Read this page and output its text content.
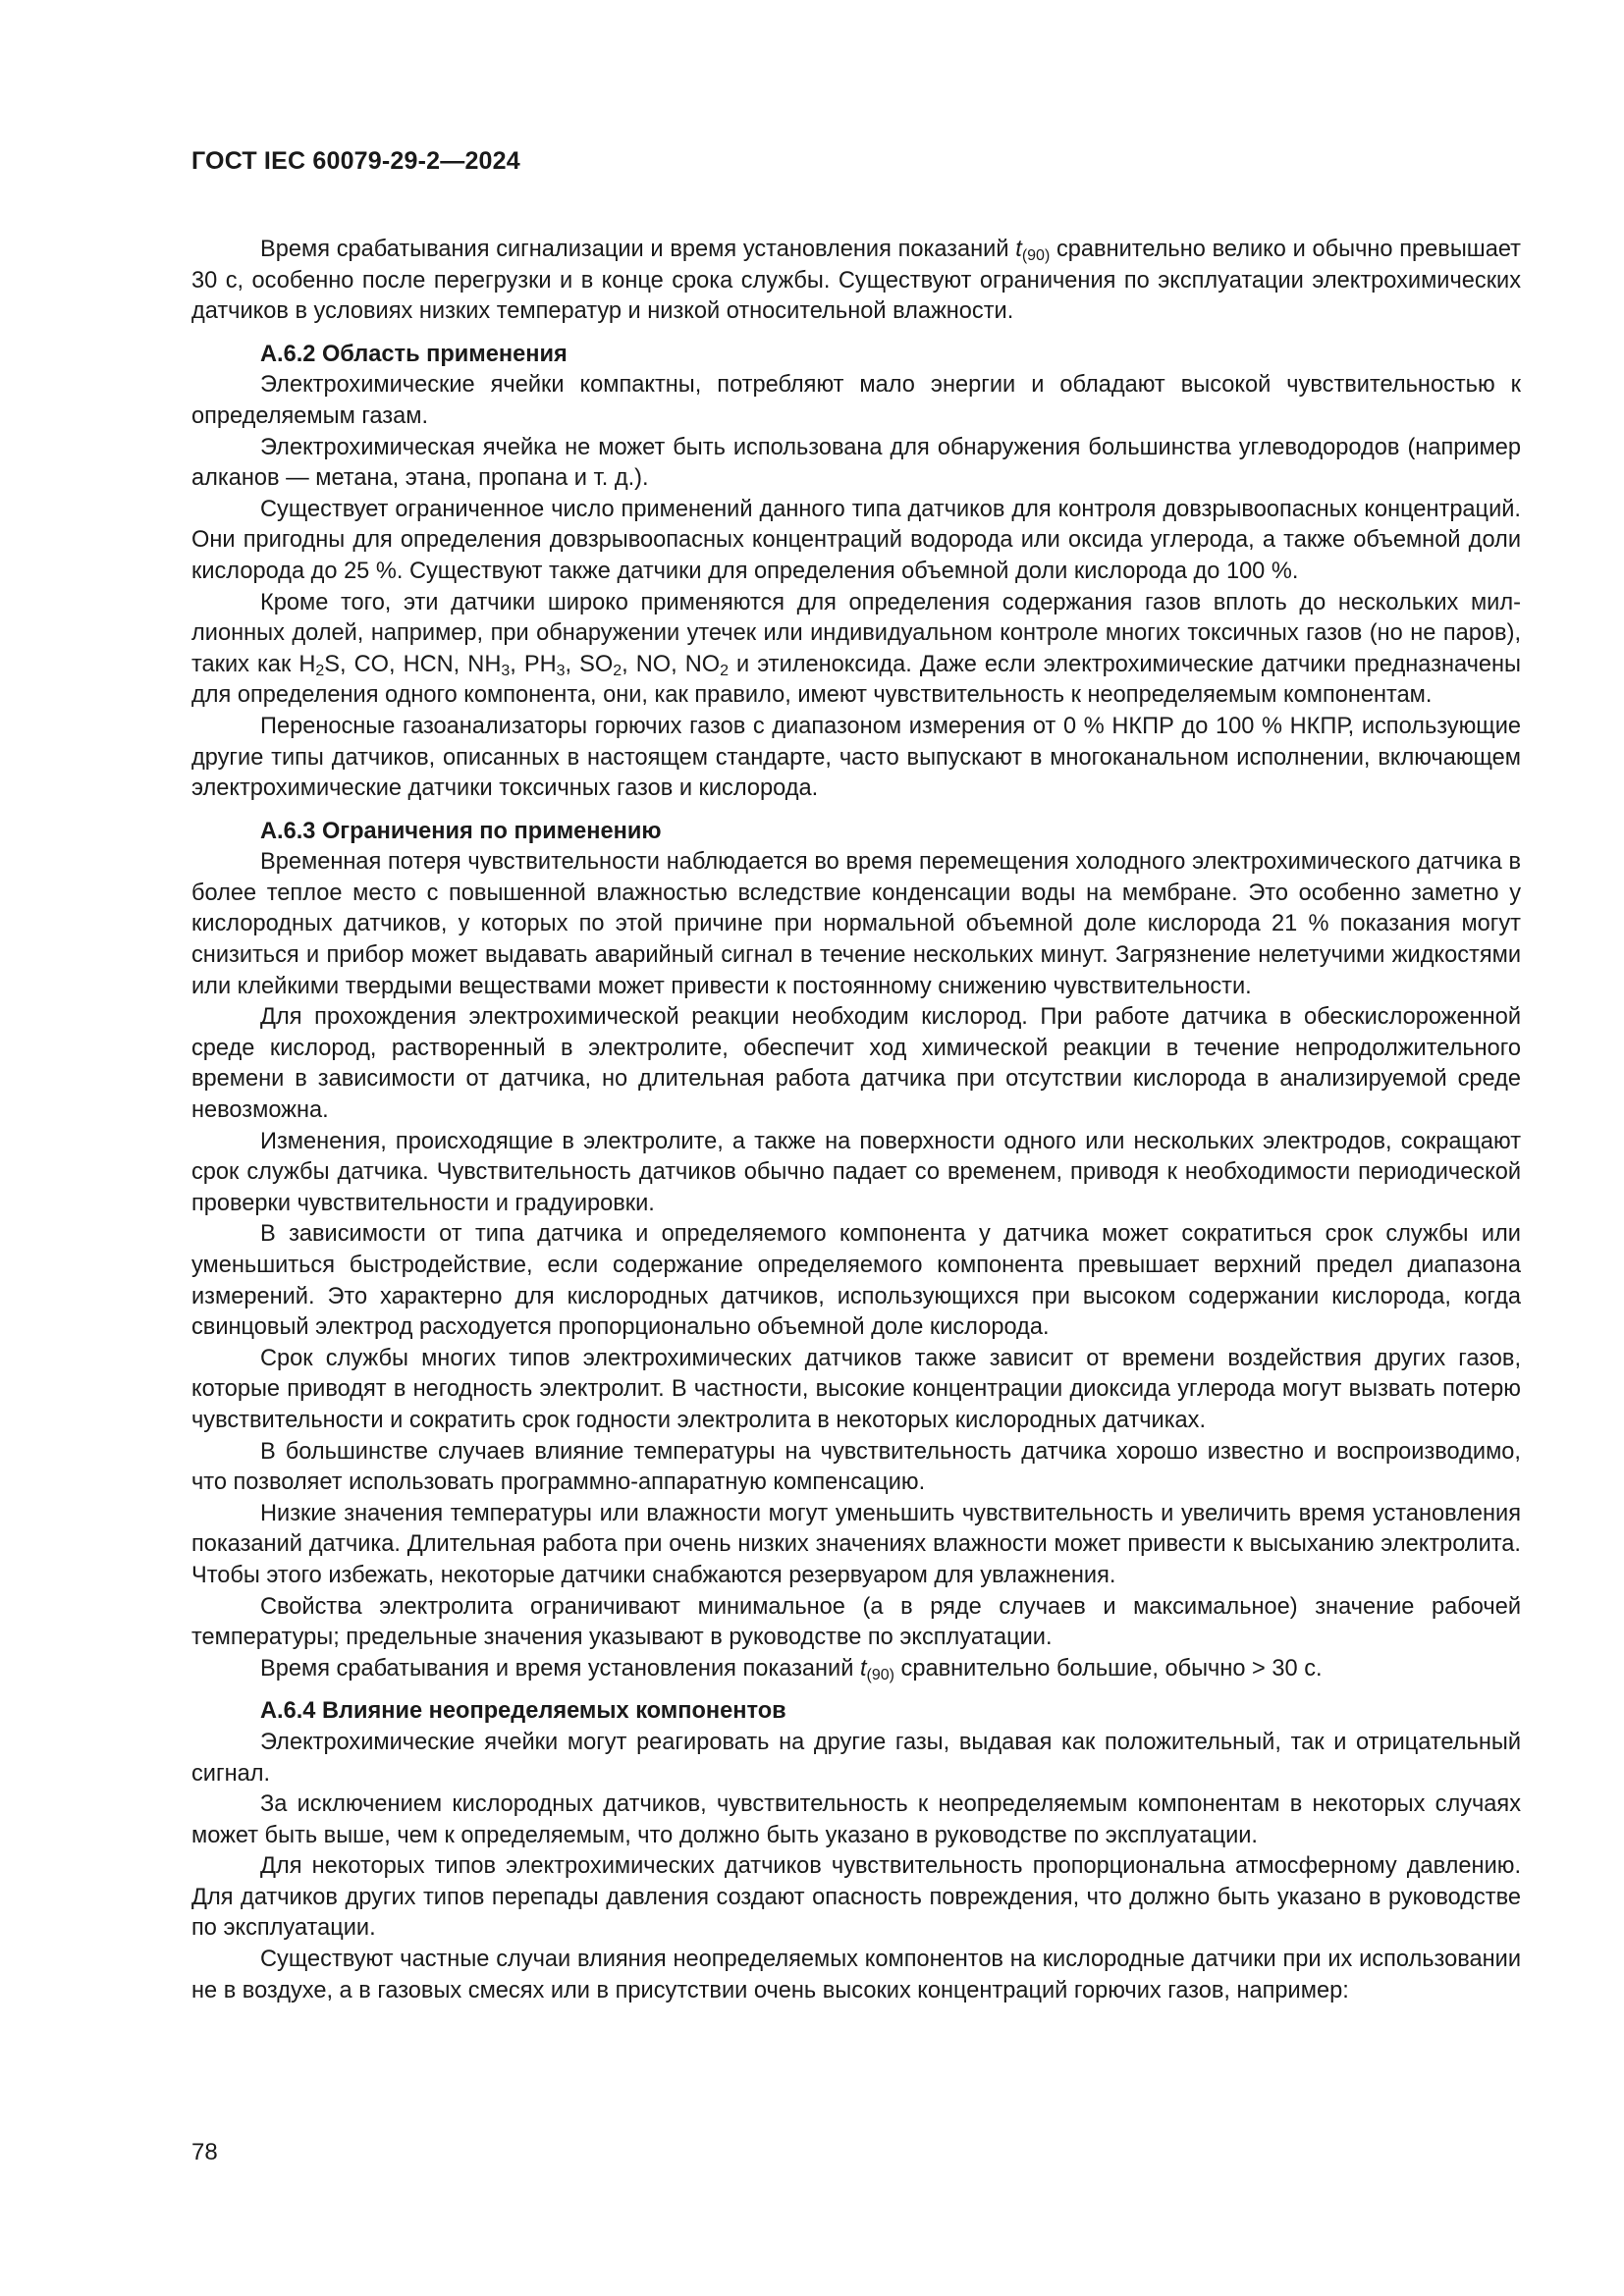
ГОСТ IEC 60079-29-2—2024

Время срабатывания сигнализации и время установления показаний $t_{(90)}$ сравнительно велико и обычно превышает 30 с, особенно после перегрузки и в конце срока службы. Существуют ограничения по эксплуатации электрохимических датчиков в условиях низких температур и низкой относительной влажности.

А.6.2 Область применения

Электрохимические ячейки компактны, потребляют мало энергии и обладают высокой чувствительностью к определяемым газам.

Электрохимическая ячейка не может быть использована для обнаружения большинства углеводородов (например алканов — метана, этана, пропана и т. д.).

Существует ограниченное число применений данного типа датчиков для контроля довзрывоопасных концентраций. Они пригодны для определения довзрывоопасных концентраций водорода или оксида углерода, а также объемной доли кислорода до 25 %. Существуют также датчики для определения объемной доли кислорода до 100 %.

Кроме того, эти датчики широко применяются для определения содержания газов вплоть до нескольких миллионных долей, например, при обнаружении утечек или индивидуальном контроле многих токсичных газов (но не паров), таких как $H_2S$, CO, HCN, $NH_3$, $PH_3$, $SO_2$, NO, $NO_2$ и этиленоксида. Даже если электрохимические датчики предназначены для определения одного компонента, они, как правило, имеют чувствительность к неопределяемым компонентам.

Переносные газоанализаторы горючих газов с диапазоном измерения от 0 % НКПР до 100 % НКПР, использующие другие типы датчиков, описанных в настоящем стандарте, часто выпускают в многоканальном исполнении, включающем электрохимические датчики токсичных газов и кислорода.

А.6.3 Ограничения по применению

Временная потеря чувствительности наблюдается во время перемещения холодного электрохимического датчика в более теплое место с повышенной влажностью вследствие конденсации воды на мембране. Это особенно заметно у кислородных датчиков, у которых по этой причине при нормальной объемной доле кислорода 21 % показания могут снизиться и прибор может выдавать аварийный сигнал в течение нескольких минут. Загрязнение нелетучими жидкостями или клейкими твердыми веществами может привести к постоянному снижению чувствительности.

Для прохождения электрохимической реакции необходим кислород. При работе датчика в обескислороженной среде кислород, растворенный в электролите, обеспечит ход химической реакции в течение непродолжительного времени в зависимости от датчика, но длительная работа датчика при отсутствии кислорода в анализируемой среде невозможна.

Изменения, происходящие в электролите, а также на поверхности одного или нескольких электродов, сокращают срок службы датчика. Чувствительность датчиков обычно падает со временем, приводя к необходимости периодической проверки чувствительности и градуировки.

В зависимости от типа датчика и определяемого компонента у датчика может сократиться срок службы или уменьшиться быстродействие, если содержание определяемого компонента превышает верхний предел диапазона измерений. Это характерно для кислородных датчиков, использующихся при высоком содержании кислорода, когда свинцовый электрод расходуется пропорционально объемной доле кислорода.

Срок службы многих типов электрохимических датчиков также зависит от времени воздействия других газов, которые приводят в негодность электролит. В частности, высокие концентрации диоксида углерода могут вызвать потерю чувствительности и сократить срок годности электролита в некоторых кислородных датчиках.

В большинстве случаев влияние температуры на чувствительность датчика хорошо известно и воспроизводимо, что позволяет использовать программно-аппаратную компенсацию.

Низкие значения температуры или влажности могут уменьшить чувствительность и увеличить время установления показаний датчика. Длительная работа при очень низких значениях влажности может привести к высыханию электролита. Чтобы этого избежать, некоторые датчики снабжаются резервуаром для увлажнения.

Свойства электролита ограничивают минимальное (а в ряде случаев и максимальное) значение рабочей температуры; предельные значения указывают в руководстве по эксплуатации.

Время срабатывания и время установления показаний $t_{(90)}$ сравнительно большие, обычно > 30 с.

А.6.4 Влияние неопределяемых компонентов

Электрохимические ячейки могут реагировать на другие газы, выдавая как положительный, так и отрицательный сигнал.

За исключением кислородных датчиков, чувствительность к неопределяемым компонентам в некоторых случаях может быть выше, чем к определяемым, что должно быть указано в руководстве по эксплуатации.

Для некоторых типов электрохимических датчиков чувствительность пропорциональна атмосферному давлению. Для датчиков других типов перепады давления создают опасность повреждения, что должно быть указано в руководстве по эксплуатации.

Существуют частные случаи влияния неопределяемых компонентов на кислородные датчики при их использовании не в воздухе, а в газовых смесях или в присутствии очень высоких концентраций горючих газов, например:

78
